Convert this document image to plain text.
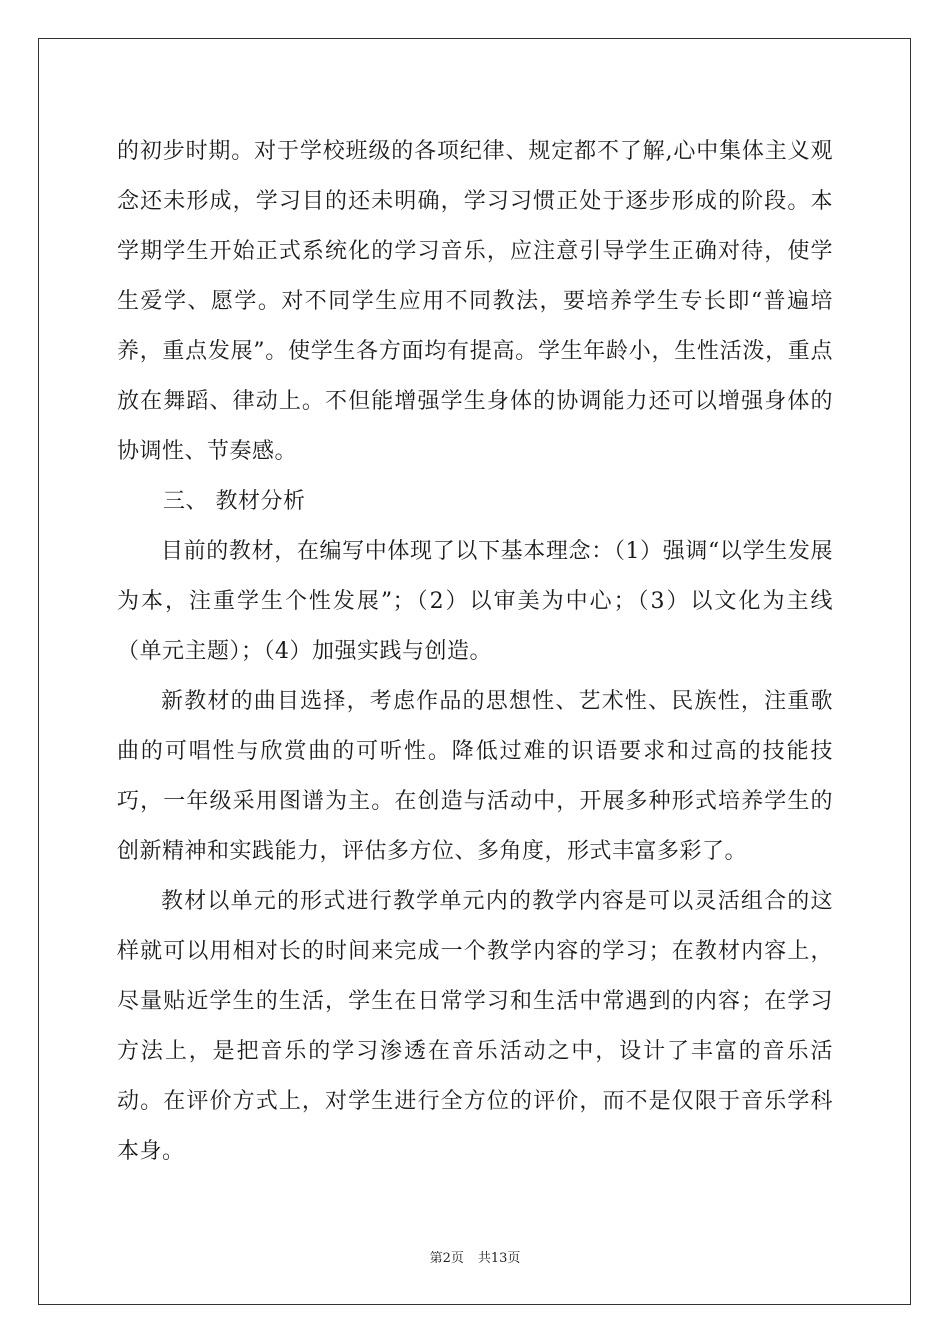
的初步时期。对于学校班级的各项纪律、规定都不了解,心中集体主义观念还未形成，学习目的还未明确，学习习惯正处于逐步形成的阶段。本学期学生开始正式系统化的学习音乐，应注意引导学生正确对待，使学生爱学、愿学。对不同学生应用不同教法，要培养学生专长即“普遍培养，重点发展”。使学生各方面均有提高。学生年龄小，生性活泼，重点放在舞蹈、律动上。不但能增强学生身体的协调能力还可以增强身体的协调性、节奏感。

三、 教材分析

目前的教材，在编写中体现了以下基本理念：（1）强调“以学生发展为本，注重学生个性发展”；（2）以审美为中心；（3）以文化为主线（单元主题）；（4）加强实践与创造。

新教材的曲目选择，考虑作品的思想性、艺术性、民族性，注重歌曲的可唱性与欣赏曲的可听性。降低过难的识语要求和过高的技能技巧，一年级采用图谱为主。在创造与活动中，开展多种形式培养学生的创新精神和实践能力，评估多方位、多角度，形式丰富多彩了。

教材以单元的形式进行教学单元内的教学内容是可以灵活组合的这样就可以用相对长的时间来完成一个教学内容的学习；在教材内容上，尽量贴近学生的生活，学生在日常学习和生活中常遇到的内容；在学习方法上，是把音乐的学习渗透在音乐活动之中，设计了丰富的音乐活动。在评价方式上，对学生进行全方位的评价，而不是仅限于音乐学科本身。

第2页 共13页
